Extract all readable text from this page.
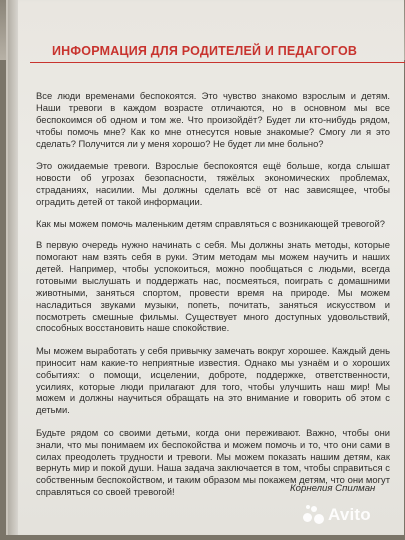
ИНФОРМАЦИЯ ДЛЯ РОДИТЕЛЕЙ И ПЕДАГОГОВ

Все люди временами беспокоятся. Это чувство знакомо взрослым и детям. Наши тревоги в каждом возрасте отличаются, но в основном мы все беспокоимся об одном и том же. Что произойдёт? Будет ли кто-нибудь рядом, чтобы помочь мне? Как ко мне отнесутся новые знакомые? Смогу ли я это сделать? Получится ли у меня хорошо? Не будет ли мне больно?

Это ожидаемые тревоги. Взрослые беспокоятся ещё больше, когда слышат новости об угрозах безопасности, тяжёлых экономических проблемах, страданиях, насилии. Мы должны сделать всё от нас зависящее, чтобы оградить детей от такой информации.

Как мы можем помочь маленьким детям справляться с возникающей тревогой?

В первую очередь нужно начинать с себя. Мы должны знать методы, которые помогают нам взять себя в руки. Этим методам мы можем научить и наших детей. Например, чтобы успокоиться, можно пообщаться с людьми, всегда готовыми выслушать и поддержать нас, посмеяться, поиграть с домашними животными, заняться спортом, провести время на природе. Мы можем насладиться звуками музыки, попеть, почитать, заняться искусством и посмотреть смешные фильмы. Существует много доступных удовольствий, способных восстановить наше спокойствие.

Мы можем выработать у себя привычку замечать вокруг хорошее. Каждый день приносит нам какие-то неприятные известия. Однако мы узнаём и о хороших событиях: о помощи, исцелении, доброте, поддержке, ответственности, усилиях, которые люди прилагают для того, чтобы улучшить наш мир! Мы можем и должны научиться обращать на это внимание и говорить об этом с детьми.

Будьте рядом со своими детьми, когда они переживают. Важно, чтобы они знали, что мы понимаем их беспокойства и можем помочь и то, что они сами в силах преодолеть трудности и тревоги. Мы можем показать нашим детям, как вернуть мир и покой души. Наша задача заключается в том, чтобы справиться с собственным беспокойством, и таким образом мы покажем детям, что они могут справляться со своей тревогой!	Корнелия Спилман
Avito
